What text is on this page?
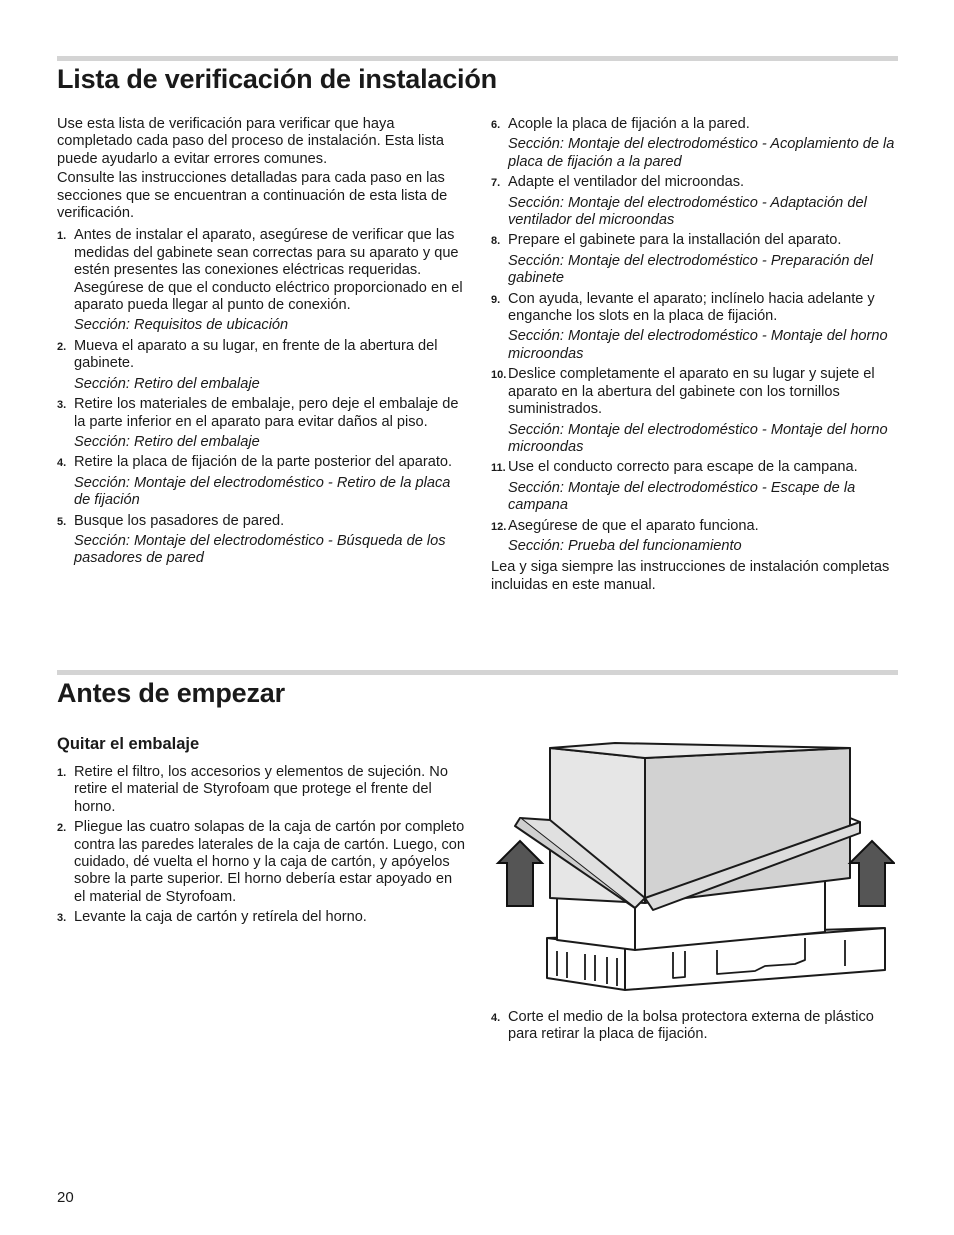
Lista de verificación de instalación

Use esta lista de verificación para verificar que haya completado cada paso del proceso de instalación. Esta lista puede ayudarlo a evitar errores comunes.

Consulte las instrucciones detalladas para cada paso en las secciones que se encuentran a continuación de esta lista de verificación.

1. Antes de instalar el aparato, asegúrese de verificar que las medidas del gabinete sean correctas para su aparato y que estén presentes las conexiones eléctricas requeridas. Asegúrese de que el conducto eléctrico proporcionado en el aparato pueda llegar al punto de conexión.
Sección: Requisitos de ubicación
2. Mueva el aparato a su lugar, en frente de la abertura del gabinete.
Sección: Retiro del embalaje
3. Retire los materiales de embalaje, pero deje el embalaje de la parte inferior en el aparato para evitar daños al piso.
Sección: Retiro del embalaje
4. Retire la placa de fijación de la parte posterior del aparato.
Sección: Montaje del electrodoméstico - Retiro de la placa de fijación
5. Busque los pasadores de pared.
Sección: Montaje del electrodoméstico - Búsqueda de los pasadores de pared
6. Acople la placa de fijación a la pared.
Sección: Montaje del electrodoméstico - Acoplamiento de la placa de fijación a la pared
7. Adapte el ventilador del microondas.
Sección: Montaje del electrodoméstico - Adaptación del ventilador del microondas
8. Prepare el gabinete para la installación del aparato.
Sección: Montaje del electrodoméstico - Preparación del gabinete
9. Con ayuda, levante el aparato; inclínelo hacia adelante y enganche los slots en la placa de fijación.
Sección: Montaje del electrodoméstico - Montaje del horno microondas
10. Deslice completamente el aparato en su lugar y sujete el aparato en la abertura del gabinete con los tornillos suministrados.
Sección: Montaje del electrodoméstico - Montaje del horno microondas
11. Use el conducto correcto para escape de la campana.
Sección: Montaje del electrodoméstico - Escape de la campana
12. Asegúrese de que el aparato funciona.
Sección: Prueba del funcionamiento

Lea y siga siempre las instrucciones de instalación completas incluidas en este manual.

Antes de empezar
Quitar el embalaje
1. Retire el filtro, los accesorios y elementos de sujeción. No retire el material de Styrofoam que protege el frente del horno.
2. Pliegue las cuatro solapas de la caja de cartón por completo contra las paredes laterales de la caja de cartón. Luego, con cuidado, dé vuelta el horno y la caja de cartón, y apóyelos sobre la parte superior. El horno debería estar apoyado en el material de Styrofoam.
3. Levante la caja de cartón y retírela del horno.
4. Corte el medio de la bolsa protectora externa de plástico para retirar la placa de fijación.
20
